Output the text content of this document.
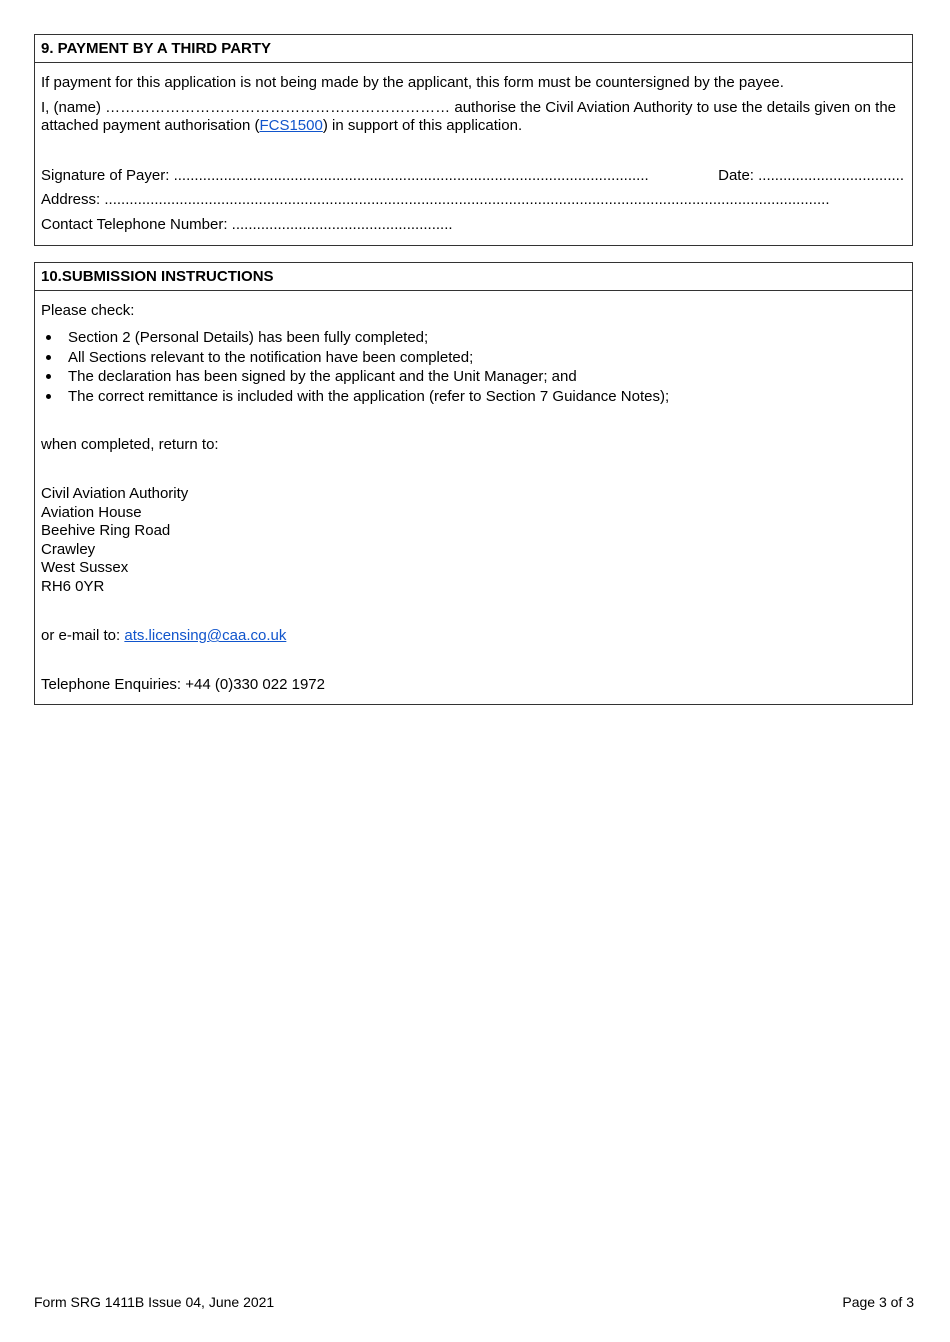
9. PAYMENT BY A THIRD PARTY
If payment for this application is not being made by the applicant, this form must be countersigned by the payee.
I, (name) …………………………………………………………… authorise the Civil Aviation Authority to use the details given on the attached payment authorisation (FCS1500) in support of this application.
Signature of Payer: ..................................................................................................................	Date: ...................................
Address: ..............................................................................................................................................................................
Contact Telephone Number: .....................................................
10.SUBMISSION INSTRUCTIONS
Please check:
Section 2 (Personal Details) has been fully completed;
All Sections relevant to the notification have been completed;
The declaration has been signed by the applicant and the Unit Manager; and
The correct remittance is included with the application (refer to Section 7 Guidance Notes);
when completed, return to:
Civil Aviation Authority
Aviation House
Beehive Ring Road
Crawley
West Sussex
RH6 0YR
or e-mail to: ats.licensing@caa.co.uk
Telephone Enquiries: +44 (0)330 022 1972
Form SRG 1411B Issue 04, June 2021	Page 3 of 3
